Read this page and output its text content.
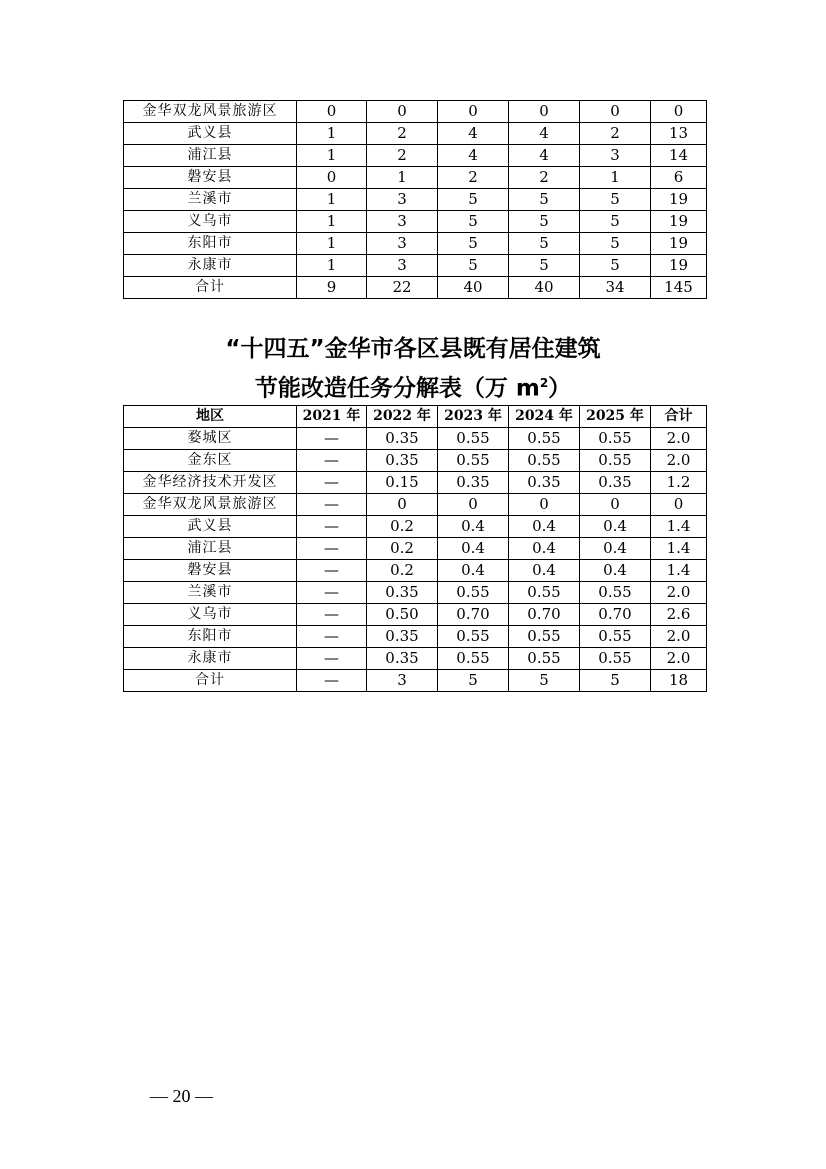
金华双龙风景旅游区	0	0	0	0	0	0
武义县	1	2	4	4	2	13
浦江县	1	2	4	4	3	14
磐安县	0	1	2	2	1	6
兰溪市	1	3	5	5	5	19
义乌市	1	3	5	5	5	19
东阳市	1	3	5	5	5	19
永康市	1	3	5	5	5	19
合计	9	22	40	40	34	145
“十四五”金华市各区县既有居住建筑
节能改造任务分解表（万 $m^2$）
地区	2021 年	2022 年	2023 年	2024 年	2025 年	合计
婺城区	—	0.35	0.55	0.55	0.55	2.0
金东区	—	0.35	0.55	0.55	0.55	2.0
金华经济技术开发区	—	0.15	0.35	0.35	0.35	1.2
金华双龙风景旅游区	—	0	0	0	0	0
武义县	—	0.2	0.4	0.4	0.4	1.4
浦江县	—	0.2	0.4	0.4	0.4	1.4
磐安县	—	0.2	0.4	0.4	0.4	1.4
兰溪市	—	0.35	0.55	0.55	0.55	2.0
义乌市	—	0.50	0.70	0.70	0.70	2.6
东阳市	—	0.35	0.55	0.55	0.55	2.0
永康市	—	0.35	0.55	0.55	0.55	2.0
合计	—	3	5	5	5	18
— 20 —
